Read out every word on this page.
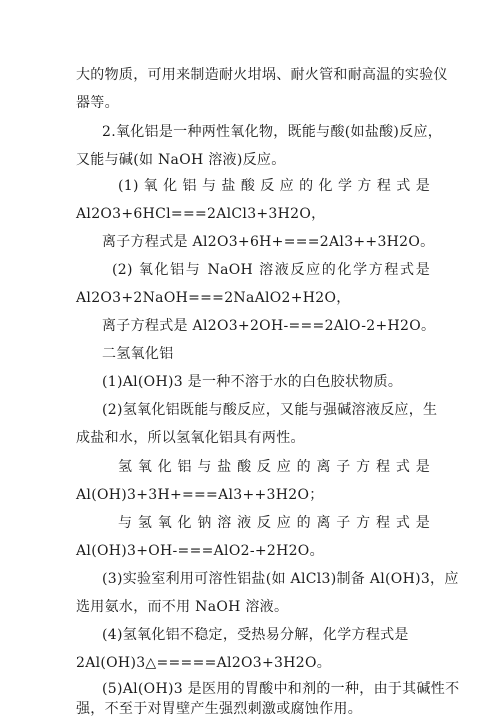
大的物质，可用来制造耐火坩埚、耐火管和耐高温的实验仪
器等。
2.氧化铝是一种两性氧化物，既能与酸(如盐酸)反应，
又能与碱(如 NaOH 溶液)反应。
(1) 氧 化 铝 与 盐 酸 反 应 的 化 学 方 程 式 是
Al2O3+6HCl===2AlCl3+3H2O，
离子方程式是 Al2O3+6H+===2Al3++3H2O。
(2) 氧化铝与 NaOH 溶液反应的化学方程式是
Al2O3+2NaOH===2NaAlO2+H2O，
离子方程式是 Al2O3+2OH-===2AlO-2+H2O。
二氢氧化铝
(1)Al(OH)3 是一种不溶于水的白色胶状物质。
(2)氢氧化铝既能与酸反应，又能与强碱溶液反应，生
成盐和水，所以氢氧化铝具有两性。
氢 氧 化 铝 与 盐 酸 反 应 的 离 子 方 程 式 是
Al(OH)3+3H+===Al3++3H2O；
与 氢 氧 化 钠 溶 液 反 应 的 离 子 方 程 式 是
Al(OH)3+OH-===AlO2-+2H2O。
(3)实验室利用可溶性铝盐(如 AlCl3)制备 Al(OH)3，应
选用氨水，而不用 NaOH 溶液。
(4)氢氧化铝不稳定，受热易分解，化学方程式是
2Al(OH)3△=====Al2O3+3H2O。
(5)Al(OH)3 是医用的胃酸中和剂的一种，由于其碱性不
强，不至于对胃壁产生强烈刺激或腐蚀作用。
